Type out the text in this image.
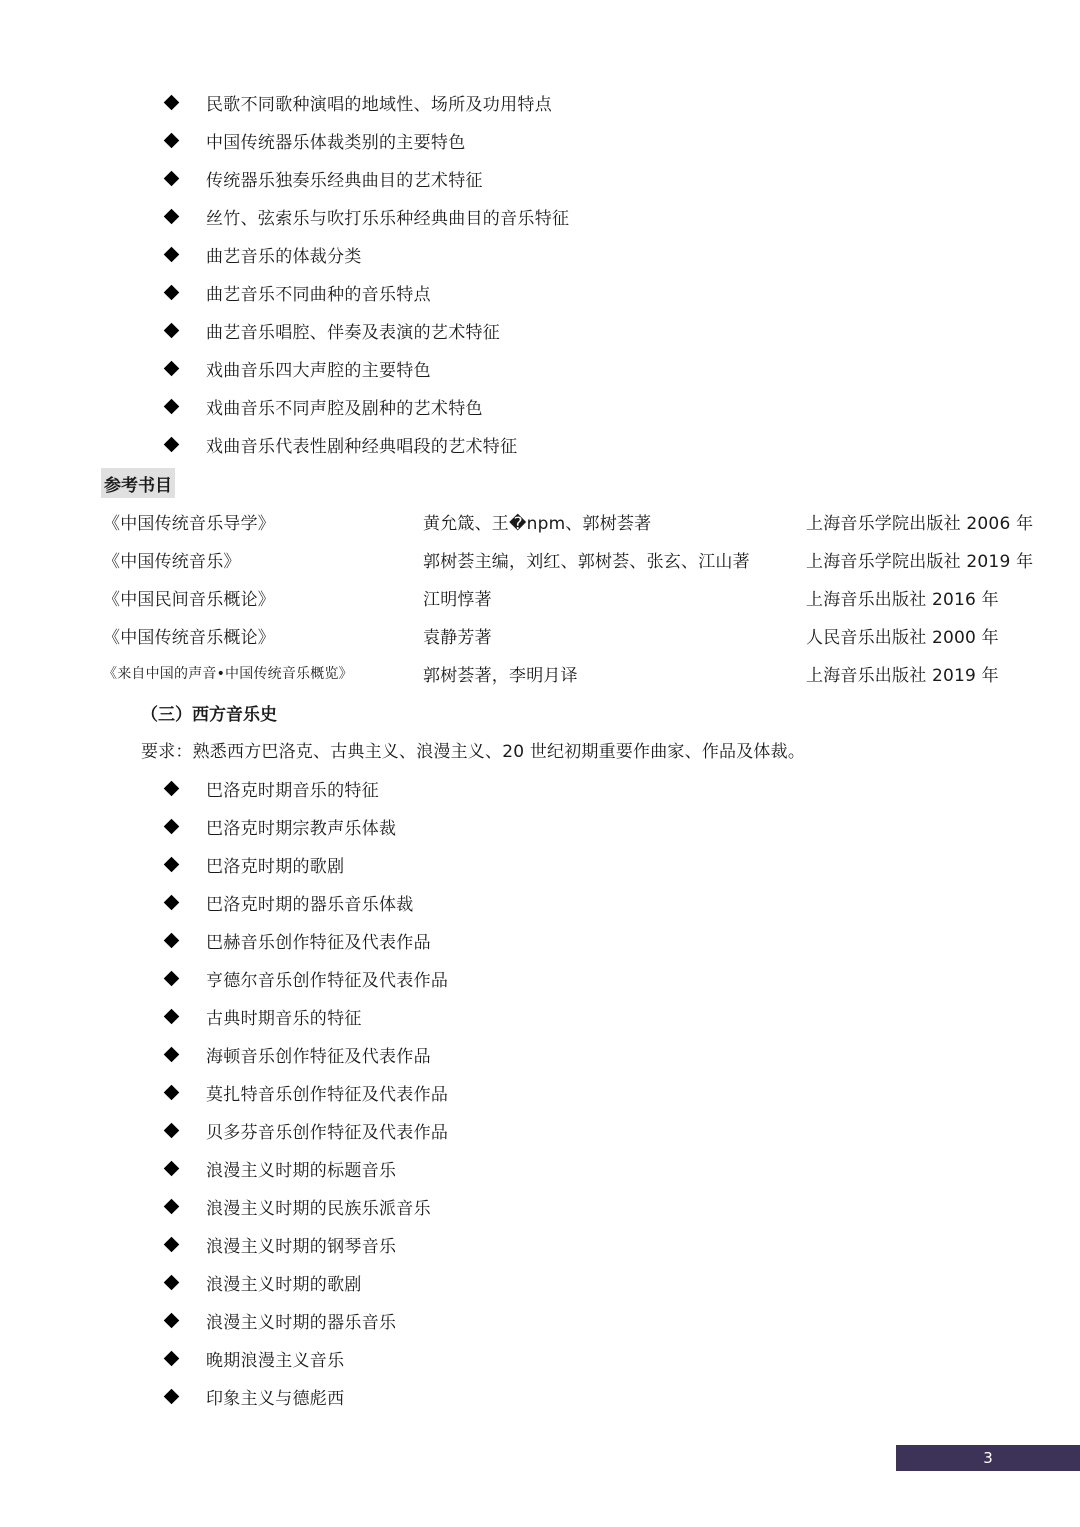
民歌不同歌种演唱的地域性、场所及功用特点
中国传统器乐体裁类别的主要特色
传统器乐独奏乐经典曲目的艺术特征
丝竹、弦索乐与吹打乐乐种经典曲目的音乐特征
曲艺音乐的体裁分类
曲艺音乐不同曲种的音乐特点
曲艺音乐唱腔、伴奏及表演的艺术特征
戏曲音乐四大声腔的主要特色
戏曲音乐不同声腔及剧种的艺术特色
戏曲音乐代表性剧种经典唱段的艺术特征
参考书目
《中国传统音乐导学》	黄允箴、王�npm、郭树荟著	上海音乐学院出版社 2006 年
《中国传统音乐》	郭树荟主编，刘红、郭树荟、张玄、江山著	上海音乐学院出版社 2019 年
《中国民间音乐概论》	江明惇著	上海音乐出版社 2016 年
《中国传统音乐概论》	袁静芳著	人民音乐出版社 2000 年
《来自中国的声音•中国传统音乐概览》	郭树荟著，李明月译	上海音乐出版社 2019 年
（三）西方音乐史
要求：熟悉西方巴洛克、古典主义、浪漫主义、20 世纪初期重要作曲家、作品及体裁。
巴洛克时期音乐的特征
巴洛克时期宗教声乐体裁
巴洛克时期的歌剧
巴洛克时期的器乐音乐体裁
巴赫音乐创作特征及代表作品
亨德尔音乐创作特征及代表作品
古典时期音乐的特征
海顿音乐创作特征及代表作品
莫扎特音乐创作特征及代表作品
贝多芬音乐创作特征及代表作品
浪漫主义时期的标题音乐
浪漫主义时期的民族乐派音乐
浪漫主义时期的钢琴音乐
浪漫主义时期的歌剧
浪漫主义时期的器乐音乐
晚期浪漫主义音乐
印象主义与德彪西
3
